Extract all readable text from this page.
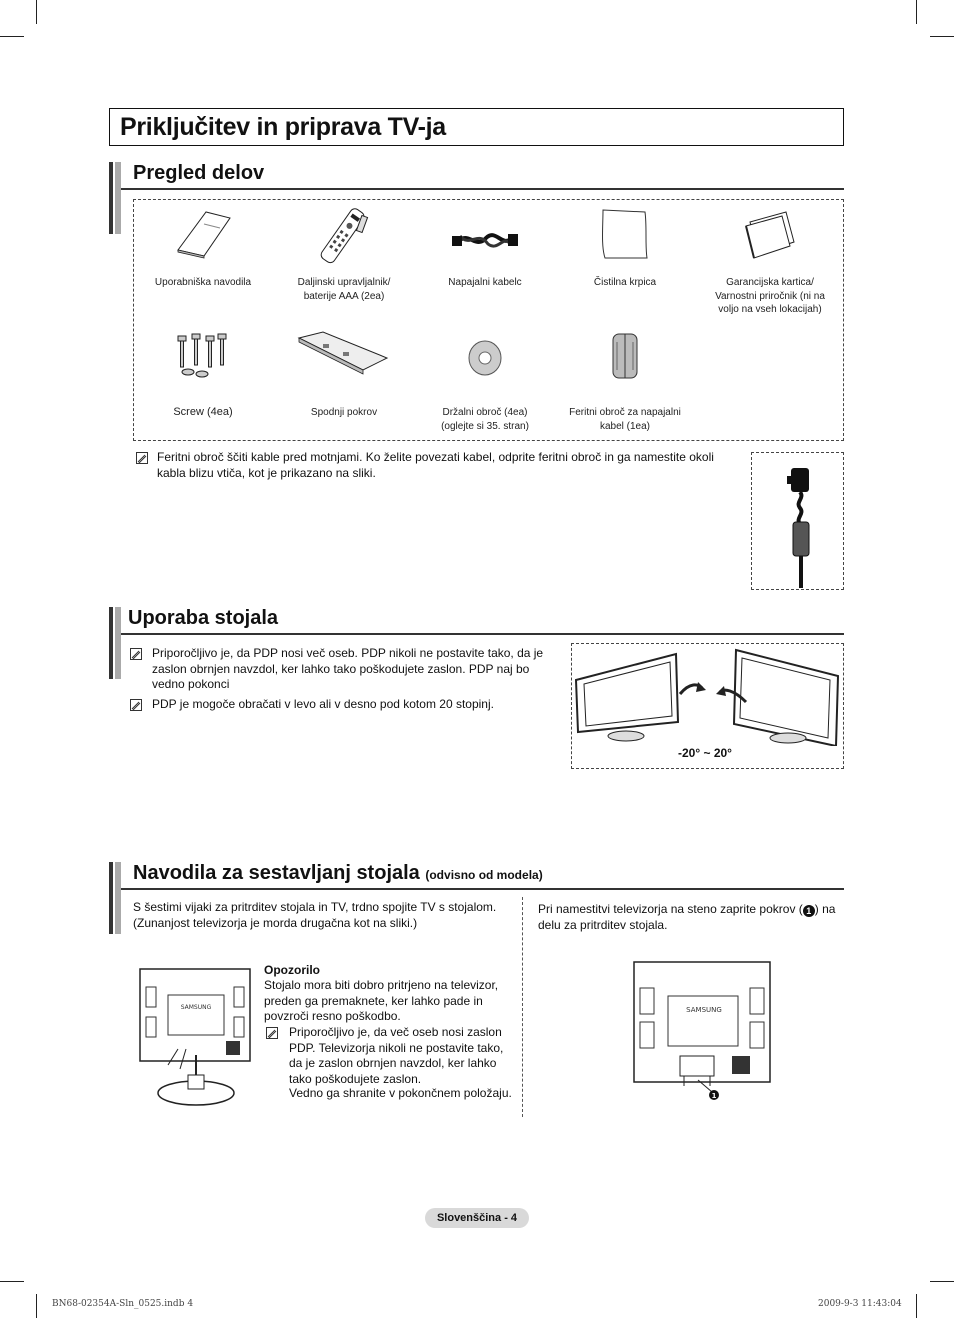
Priključitev in priprava TV-ja
Pregled delov
Uporabniška navodila	Daljinski upravljalnik/ baterije AAA (2ea)
Napajalni kabelc	Čistilna krpica	Garancijska kartica/ Varnostni priročnik (ni na voljo na vseh lokacijah)
Screw (4ea)	Spodnji pokrov	Držalni obroč (4ea) (oglejte si 35. stran)
Feritni obroč za napajalni kabel (1ea)
Feritni obroč ščiti kable pred motnjami. Ko želite povezati kabel, odprite feritni obroč in ga namestite okoli kabla blizu vtiča, kot je prikazano na sliki.
Uporaba stojala
Priporočljivo je, da PDP nosi več oseb. PDP nikoli ne postavite tako, da je zaslon obrnjen navzdol, ker lahko tako poškodujete zaslon. PDP naj bo vedno pokonci
PDP je mogoče obračati v levo ali v desno pod kotom 20 stopinj.
-20° ~ 20°
Navodila za sestavljanj stojala (odvisno od modela)
S šestimi vijaki za pritrditev stojala in TV, trdno spojite TV s stojalom. (Zunanjost televizorja je morda drugačna kot na sliki.)
SAMSUNG
Opozorilo
Stojalo mora biti dobro pritrjeno na televizor, preden ga premaknete, ker lahko pade in povzroči resno poškodbo.
Priporočljivo je, da več oseb nosi zaslon PDP. Televizorja nikoli ne postavite tako, da je zaslon obrnjen navzdol, ker lahko tako poškodujete zaslon.
Vedno ga shranite v pokončnem položaju.
Pri namestitvi televizorja na steno zaprite pokrov ( 1 ) na delu za pritrditev stojala.
SAMSUNG
1
Slovenščina - 4
BN68-02354A-Sln_0525.indb 4	2009-9-3 11:43:04
